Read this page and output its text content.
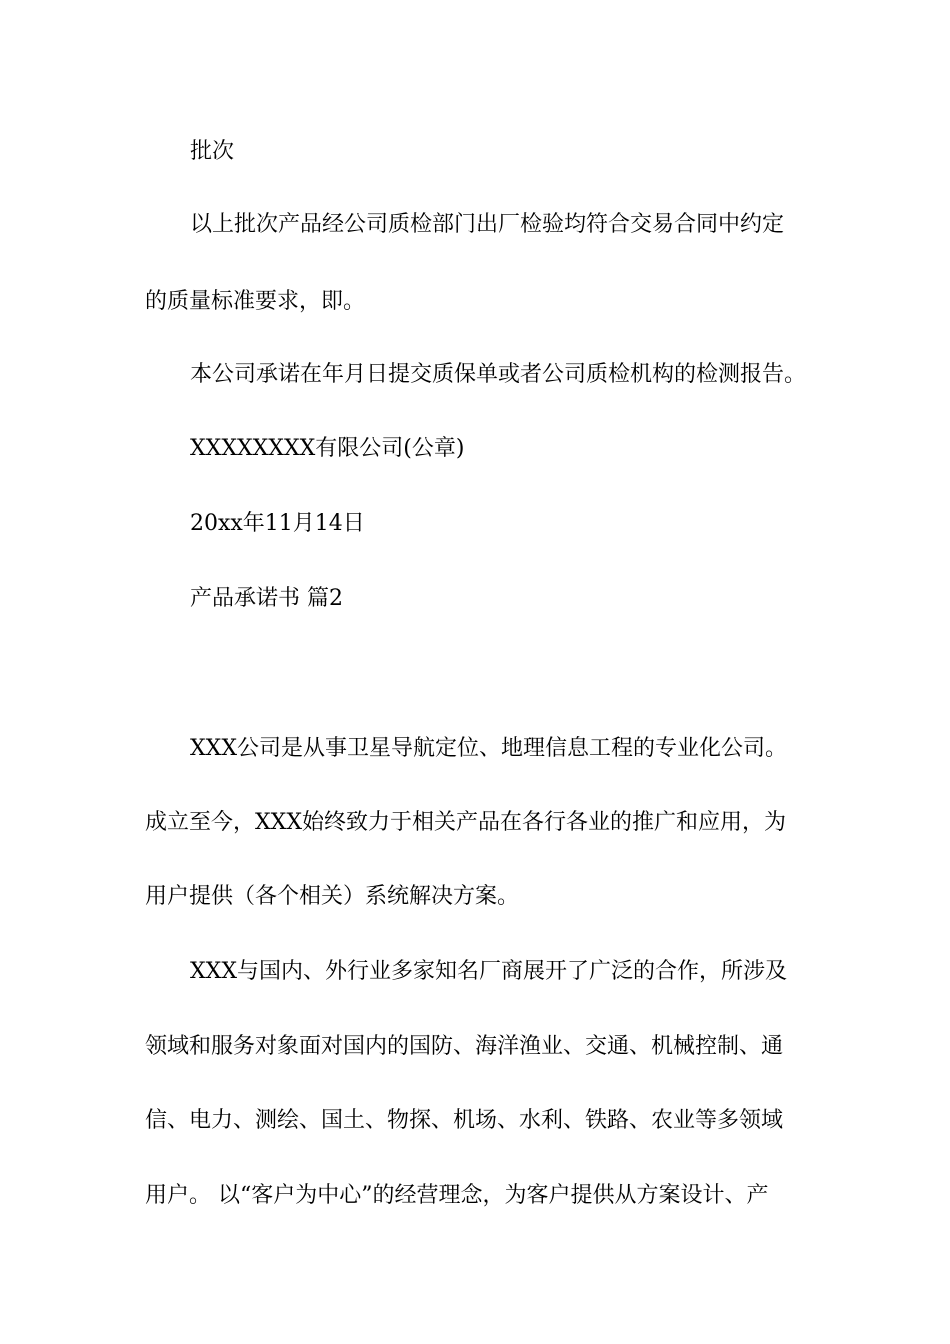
批次
以上批次产品经公司质检部门出厂检验均符合交易合同中约定
的质量标准要求，即。
本公司承诺在年月日提交质保单或者公司质检机构的检测报告。
XXXXXXXX有限公司(公章)
20xx年11月14日
产品承诺书 篇2
XXX公司是从事卫星导航定位、地理信息工程的专业化公司。
成立至今，XXX始终致力于相关产品在各行各业的推广和应用，为
用户提供（各个相关）系统解决方案。
XXX与国内、外行业多家知名厂商展开了广泛的合作，所涉及
领域和服务对象面对国内的国防、海洋渔业、交通、机械控制、通
信、电力、测绘、国土、物探、机场、水利、铁路、农业等多领域
用户。 以“客户为中心”的经营理念，为客户提供从方案设计、产
